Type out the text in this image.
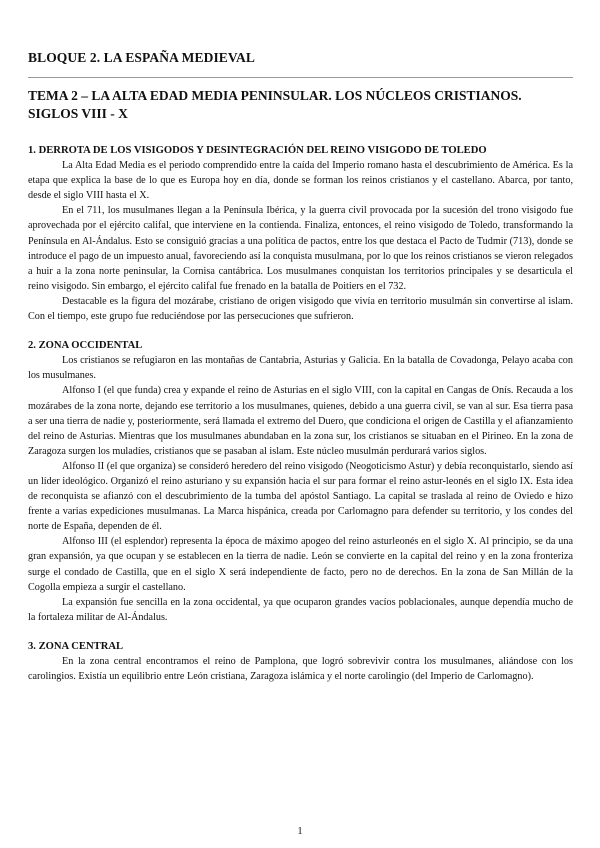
BLOQUE 2. LA ESPAÑA MEDIEVAL
TEMA 2 – LA ALTA EDAD MEDIA PENINSULAR. LOS NÚCLEOS CRISTIANOS.
SIGLOS VIII - X
1. DERROTA DE LOS VISIGODOS Y DESINTEGRACIÓN DEL REINO VISIGODO DE TOLEDO

La Alta Edad Media es el periodo comprendido entre la caída del Imperio romano hasta el descubrimiento de América. Es la etapa que explica la base de lo que es Europa hoy en día, donde se forman los reinos cristianos y el castellano. Abarca, por tanto, desde el siglo VIII hasta el X.

En el 711, los musulmanes llegan a la Península Ibérica, y la guerra civil provocada por la sucesión del trono visigodo fue aprovechada por el ejército califal, que interviene en la contienda. Finaliza, entonces, el reino visigodo de Toledo, transformando la Península en Al-Ándalus. Esto se consiguió gracias a una política de pactos, entre los que destaca el Pacto de Tudmir (713), donde se introduce el pago de un impuesto anual, favoreciendo así la conquista musulmana, por lo que los reinos cristianos se vieron relegados a huir a la zona norte peninsular, la Cornisa cantábrica. Los musulmanes conquistan los territorios principales y se desarticula el reino visigodo. Sin embargo, el ejército califal fue frenado en la batalla de Poitiers en el 732.

Destacable es la figura del mozárabe, cristiano de origen visigodo que vivía en territorio musulmán sin convertirse al islam. Con el tiempo, este grupo fue reduciéndose por las persecuciones que sufrieron.

2. ZONA OCCIDENTAL

Los cristianos se refugiaron en las montañas de Cantabria, Asturias y Galicia. En la batalla de Covadonga, Pelayo acaba con los musulmanes.

Alfonso I (el que funda) crea y expande el reino de Asturias en el siglo VIII, con la capital en Cangas de Onís. Recauda a los mozárabes de la zona norte, dejando ese territorio a los musulmanes, quienes, debido a una guerra civil, se van al sur. Esa tierra pasa a ser una tierra de nadie y, posteriormente, será llamada el extremo del Duero, que condiciona el origen de Castilla y el afianzamiento del reino de Asturias. Mientras que los musulmanes abundaban en la zona sur, los cristianos se situaban en el Pirineo. En la zona de Zaragoza surgen los muladíes, cristianos que se pasaban al islam. Este núcleo musulmán perdurará varios siglos.

Alfonso II (el que organiza) se consideró heredero del reino visigodo (Neogoticismo Astur) y debía reconquistarlo, siendo así un líder ideológico. Organizó el reino asturiano y su expansión hacia el sur para formar el reino astur-leonés en el siglo IX. Esta idea de reconquista se afianzó con el descubrimiento de la tumba del apóstol Santiago. La capital se traslada al reino de Oviedo e hizo frente a varias expediciones musulmanas. La Marca hispánica, creada por Carlomagno para defender su territorio, y los condes del norte de España, dependen de él.

Alfonso III (el esplendor) representa la época de máximo apogeo del reino asturleonés en el siglo X. Al principio, se da una gran expansión, ya que ocupan y se establecen en la tierra de nadie. León se convierte en la capital del reino y en la zona fronteriza surge el condado de Castilla, que en el siglo X será independiente de facto, pero no de derechos. En la zona de San Millán de la Cogolla empieza a surgir el castellano.

La expansión fue sencilla en la zona occidental, ya que ocuparon grandes vacíos poblacionales, aunque dependía mucho de la fortaleza militar de Al-Ándalus.

3. ZONA CENTRAL

En la zona central encontramos el reino de Pamplona, que logró sobrevivir contra los musulmanes, aliándose con los carolingios. Existía un equilibrio entre León cristiana, Zaragoza islámica y el norte carolingio (del Imperio de Carlomagno).

1
